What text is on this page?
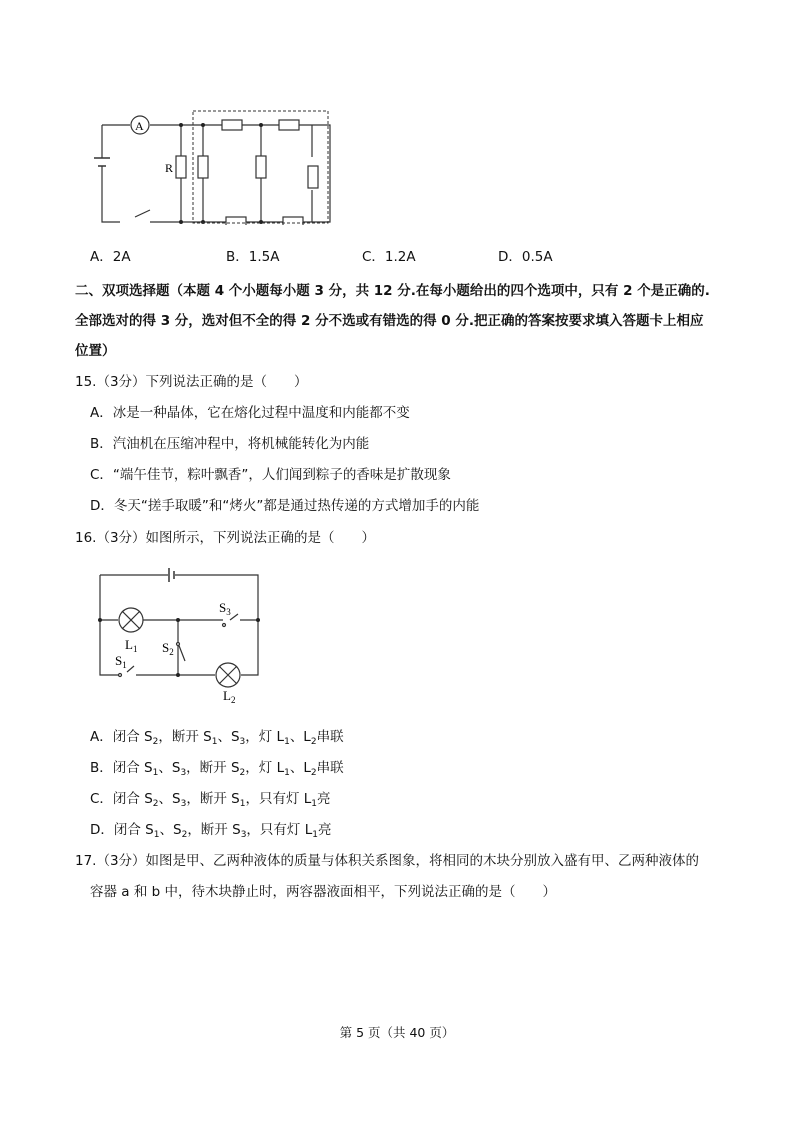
A
R
A．2A	B．1.5A	C．1.2A	D．0.5A
二、双项选择题（本题 4 个小题每小题 3 分，共 12 分.在每小题给出的四个选项中，只有 2 个是正确的.
全部选对的得 3 分，选对但不全的得 2 分不选或有错选的得 0 分.把正确的答案按要求填入答题卡上相应
位置）
15.（3分）下列说法正确的是（　　）
A．冰是一种晶体，它在熔化过程中温度和内能都不变
B．汽油机在压缩冲程中，将机械能转化为内能
C．“端午佳节，粽叶飘香”，人们闻到粽子的香味是扩散现象
D．冬天“搓手取暖”和“烤火”都是通过热传递的方式增加手的内能
16.（3分）如图所示，下列说法正确的是（　　）
$S_3$
$L_1$ $S_2$
$S_1$
$L_2$
A．闭合 $S_2$，断开 $S_1$、$S_3$，灯 $L_1$、$L_2$串联
B．闭合 $S_1$、$S_3$，断开 $S_2$，灯 $L_1$、$L_2$串联
C．闭合 $S_2$、$S_3$，断开 $S_1$，只有灯 $L_1$亮
D．闭合 $S_1$、$S_2$，断开 $S_3$，只有灯 $L_1$亮
17.（3分）如图是甲、乙两种液体的质量与体积关系图象，将相同的木块分别放入盛有甲、乙两种液体的
容器 a 和 b 中，待木块静止时，两容器液面相平，下列说法正确的是（　　）
第 5 页（共 40 页）
